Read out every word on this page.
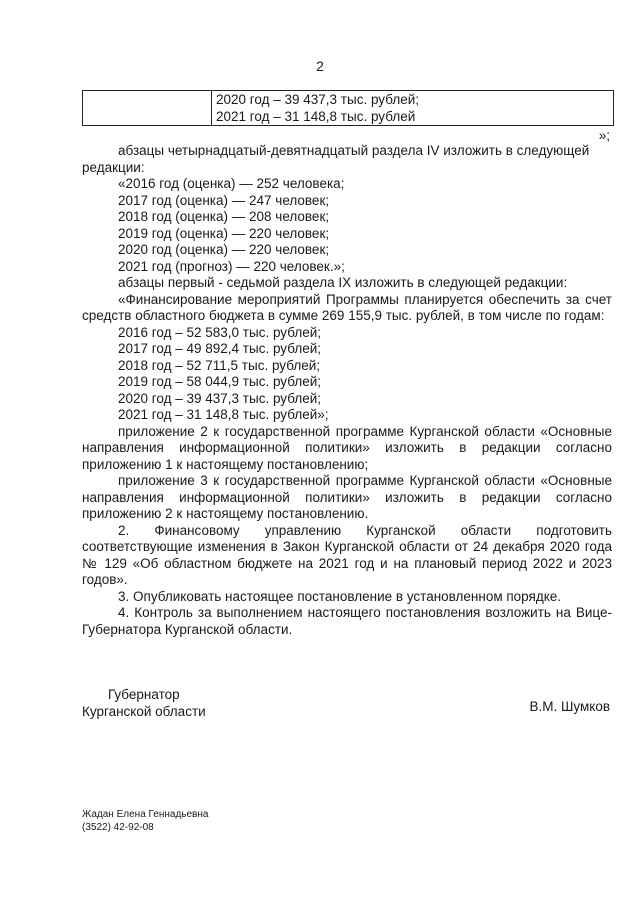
2

2020 год – 39 437,3 тыс. рублей;
2021 год – 31 148,8 тыс. рублей
»;

абзацы четырнадцатый-девятнадцатый раздела IV изложить в следующей редакции:

«2016 год (оценка) — 252 человека;
2017 год (оценка) — 247 человек;
2018 год (оценка) — 208 человек;
2019 год (оценка) — 220 человек;
2020 год (оценка) — 220 человек;
2021 год (прогноз) — 220 человек.»;

абзацы первый - седьмой раздела IX изложить в следующей редакции:

«Финансирование мероприятий Программы планируется обеспечить за счет средств областного бюджета в сумме 269 155,9 тыс. рублей, в том числе по годам:

2016 год – 52 583,0 тыс. рублей;
2017 год – 49 892,4 тыс. рублей;
2018 год – 52 711,5 тыс. рублей;
2019 год – 58 044,9 тыс. рублей;
2020 год – 39 437,3 тыс. рублей;
2021 год – 31 148,8 тыс. рублей»;

приложение 2 к государственной программе Курганской области «Основные направления информационной политики» изложить в редакции согласно приложению 1 к настоящему постановлению;

приложение 3 к государственной программе Курганской области «Основные направления информационной политики» изложить в редакции согласно приложению 2 к настоящему постановлению.

2. Финансовому управлению Курганской области подготовить соответствующие изменения в Закон Курганской области от 24 декабря 2020 года № 129 «Об областном бюджете на 2021 год и на плановый период 2022 и 2023 годов».

3. Опубликовать настоящее постановление в установленном порядке.

4. Контроль за выполнением настоящего постановления возложить на Вице-Губернатора Курганской области.

Губернатор
Курганской области	В.М. Шумков
Жадан Елена Геннадьевна
(3522) 42-92-08
